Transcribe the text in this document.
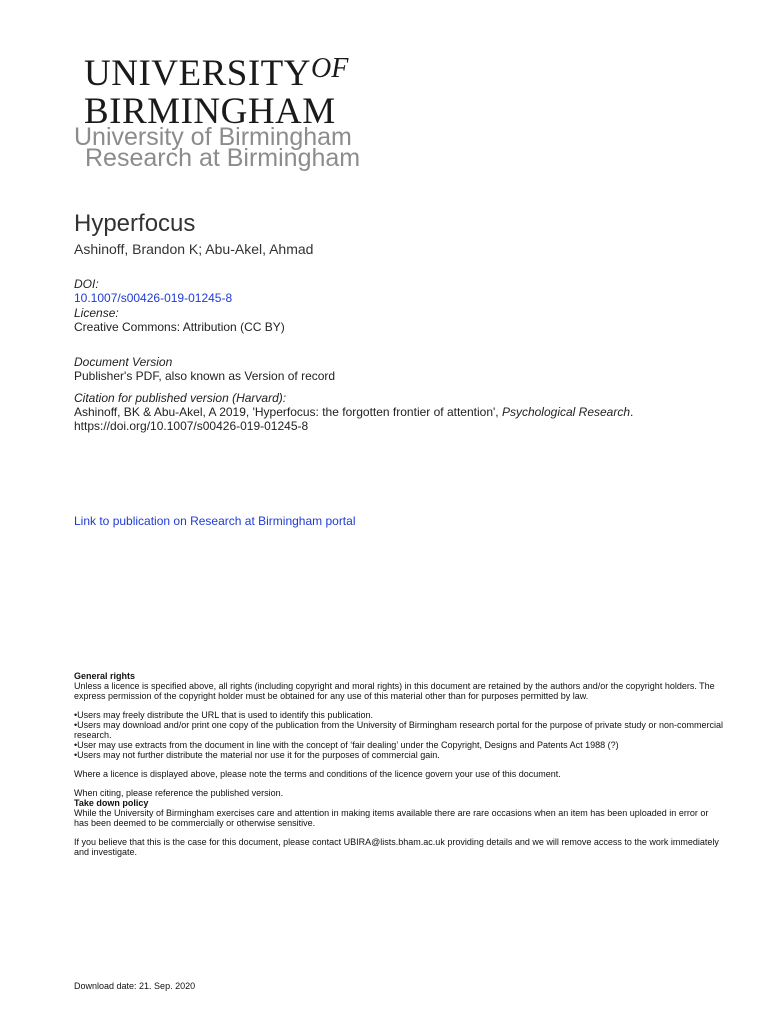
$UNIVERSITY^{OF}$
BIRMINGHAM
University of Birmingham
Research at Birmingham
Hyperfocus
Ashinoff, Brandon K; Abu-Akel, Ahmad
DOI:
10.1007/s00426-019-01245-8
License:
Creative Commons: Attribution (CC BY)
Document Version
Publisher's PDF, also known as Version of record
Citation for published version (Harvard):
Ashinoff, BK & Abu-Akel, A 2019, 'Hyperfocus: the forgotten frontier of attention', Psychological Research.
https://doi.org/10.1007/s00426-019-01245-8
Link to publication on Research at Birmingham portal

General rights

Unless a licence is specified above, all rights (including copyright and moral rights) in this document are retained by the authors and/or the copyright holders. The express permission of the copyright holder must be obtained for any use of this material other than for purposes permitted by law.

•Users may freely distribute the URL that is used to identify this publication.

•Users may download and/or print one copy of the publication from the University of Birmingham research portal for the purpose of private study or non-commercial research.

•User may use extracts from the document in line with the concept of ‘fair dealing’ under the Copyright, Designs and Patents Act 1988 (?)

•Users may not further distribute the material nor use it for the purposes of commercial gain.

Where a licence is displayed above, please note the terms and conditions of the licence govern your use of this document.

When citing, please reference the published version.

Take down policy

While the University of Birmingham exercises care and attention in making items available there are rare occasions when an item has been uploaded in error or has been deemed to be commercially or otherwise sensitive.

If you believe that this is the case for this document, please contact UBIRA@lists.bham.ac.uk providing details and we will remove access to the work immediately and investigate.

Download date: 21. Sep. 2020
